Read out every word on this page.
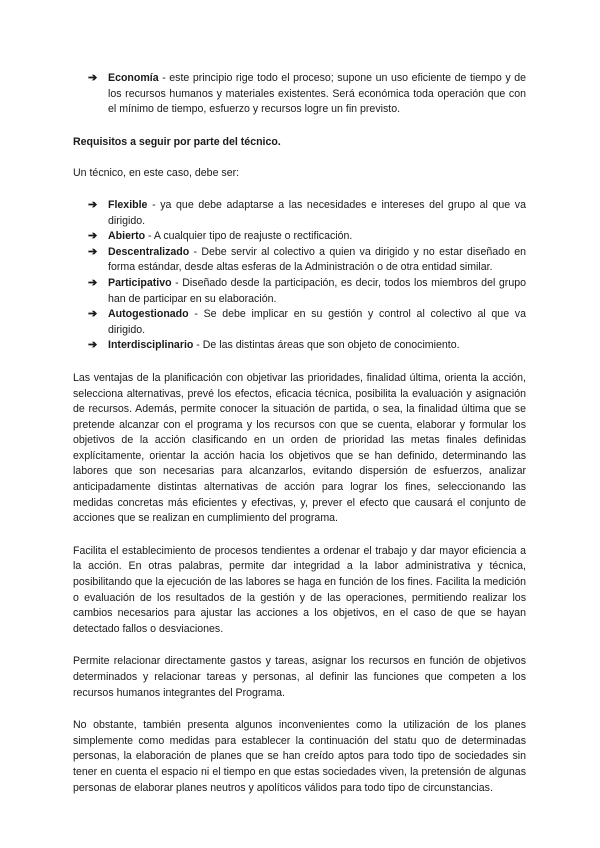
➔ Economía - este principio rige todo el proceso; supone un uso eficiente de tiempo y de los recursos humanos y materiales existentes. Será económica toda operación que con el mínimo de tiempo, esfuerzo y recursos logre un fin previsto.

Requisitos a seguir por parte del técnico.

Un técnico, en este caso, debe ser:

➔ Flexible - ya que debe adaptarse a las necesidades e intereses del grupo al que va dirigido.
➔ Abierto - A cualquier tipo de reajuste o rectificación.
➔ Descentralizado - Debe servir al colectivo a quien va dirigido y no estar diseñado en forma estándar, desde altas esferas de la Administración o de otra entidad similar.
➔ Participativo - Diseñado desde la participación, es decir, todos los miembros del grupo han de participar en su elaboración.
➔ Autogestionado - Se debe implicar en su gestión y control al colectivo al que va dirigido.
➔ Interdisciplinario - De las distintas áreas que son objeto de conocimiento.

Las ventajas de la planificación con objetivar las prioridades, finalidad última, orienta la acción, selecciona alternativas, prevé los efectos, eficacia técnica, posibilita la evaluación y asignación de recursos. Además, permite conocer la situación de partida, o sea, la finalidad última que se pretende alcanzar con el programa y los recursos con que se cuenta, elaborar y formular los objetivos de la acción clasificando en un orden de prioridad las metas finales definidas explícitamente, orientar la acción hacia los objetivos que se han definido, determinando las labores que son necesarias para alcanzarlos, evitando dispersión de esfuerzos, analizar anticipadamente distintas alternativas de acción para lograr los fines, seleccionando las medidas concretas más eficientes y efectivas, y, prever el efecto que causará el conjunto de acciones que se realizan en cumplimiento del programa.

Facilita el establecimiento de procesos tendientes a ordenar el trabajo y dar mayor eficiencia a la acción. En otras palabras, permite dar integridad a la labor administrativa y técnica, posibilitando que la ejecución de las labores se haga en función de los fines. Facilita la medición o evaluación de los resultados de la gestión y de las operaciones, permitiendo realizar los cambios necesarios para ajustar las acciones a los objetivos, en el caso de que se hayan detectado fallos o desviaciones.

Permite relacionar directamente gastos y tareas, asignar los recursos en función de objetivos determinados y relacionar tareas y personas, al definir las funciones que competen a los recursos humanos integrantes del Programa.

No obstante, también presenta algunos inconvenientes como la utilización de los planes simplemente como medidas para establecer la continuación del statu quo de determinadas personas, la elaboración de planes que se han creído aptos para todo tipo de sociedades sin tener en cuenta el espacio ni el tiempo en que estas sociedades viven, la pretensión de algunas personas de elaborar planes neutros y apolíticos válidos para todo tipo de circunstancias.
